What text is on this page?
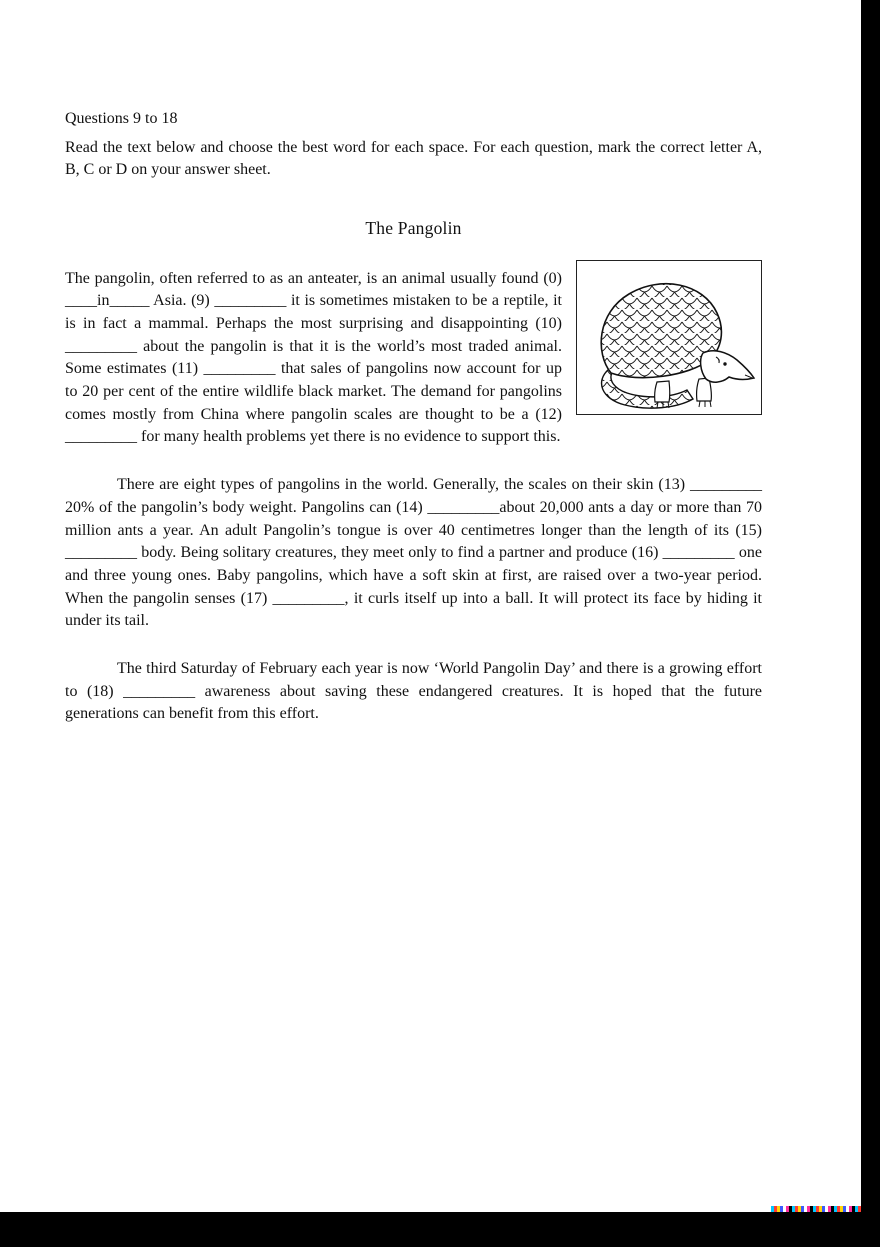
Questions 9 to 18

Read the text below and choose the best word for each space. For each question, mark the correct letter A, B, C or D on your answer sheet.

The Pangolin

The pangolin, often referred to as an anteater, is an animal usually found (0) ____in_____ Asia. (9) _________ it is sometimes mistaken to be a reptile, it is in fact a mammal. Perhaps the most surprising and disappointing (10) _________ about the pangolin is that it is the world’s most traded animal. Some estimates (11) _________ that sales of pangolins now account for up to 20 per cent of the entire wildlife black market. The demand for pangolins comes mostly from China where pangolin scales are thought to be a (12) _________ for many health problems yet there is no evidence to support this.

There are eight types of pangolins in the world. Generally, the scales on their skin (13) _________ 20% of the pangolin’s body weight. Pangolins can (14) _________about 20,000 ants a day or more than 70 million ants a year. An adult Pangolin’s tongue is over 40 centimetres longer than the length of its (15) _________ body. Being solitary creatures, they meet only to find a partner and produce (16) _________ one and three young ones. Baby pangolins, which have a soft skin at first, are raised over a two-year period. When the pangolin senses (17) _________, it curls itself up into a ball. It will protect its face by hiding it under its tail.

The third Saturday of February each year is now ‘World Pangolin Day’ and there is a growing effort to (18) _________ awareness about saving these endangered creatures. It is hoped that the future generations can benefit from this effort.
